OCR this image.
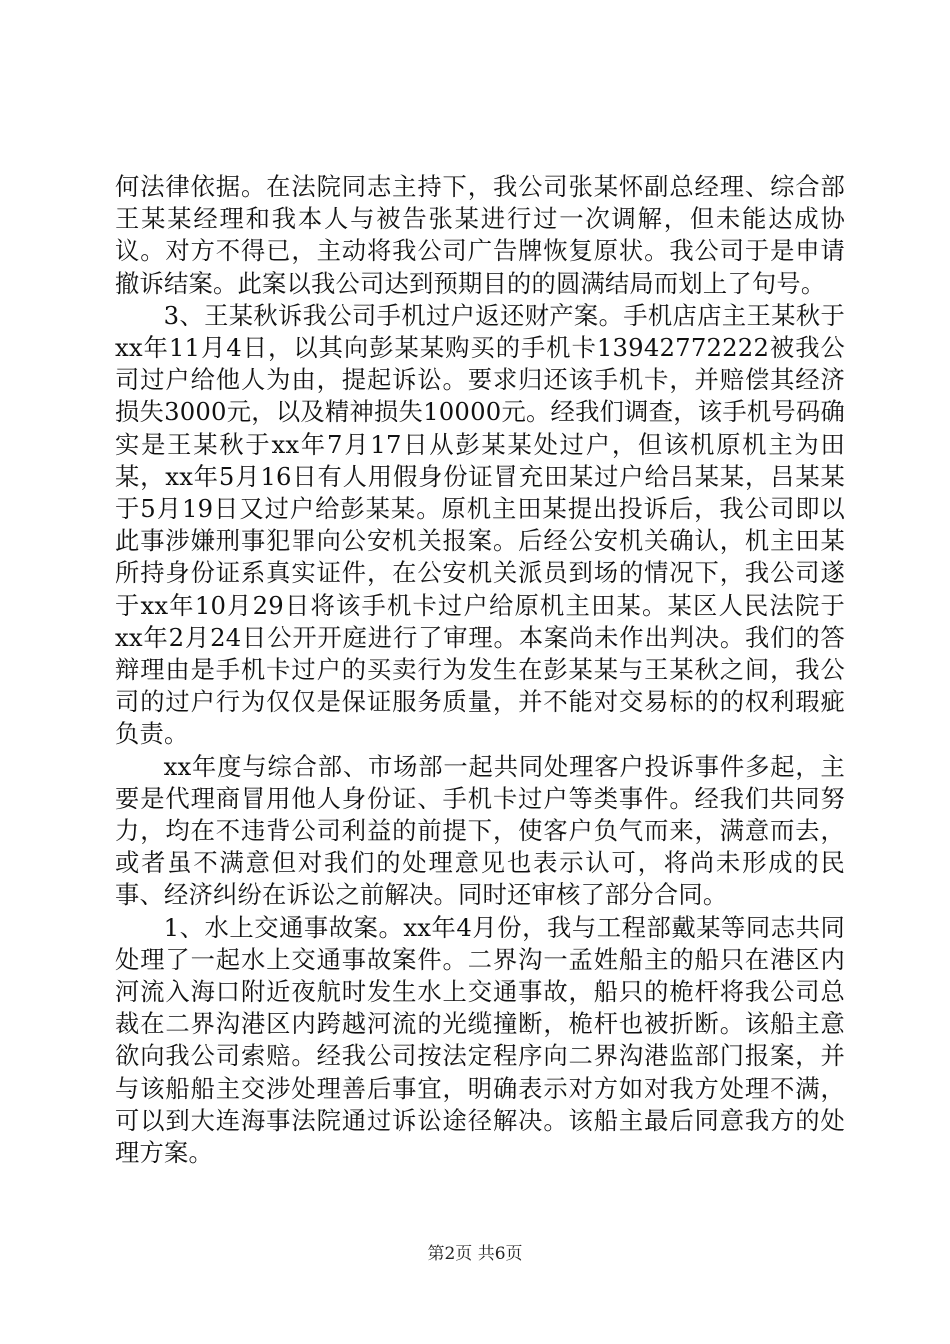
何法律依据。在法院同志主持下，我公司张某怀副总经理、综合部王某某经理和我本人与被告张某进行过一次调解，但未能达成协议。对方不得已，主动将我公司广告牌恢复原状。我公司于是申请撤诉结案。此案以我公司达到预期目的的圆满结局而划上了句号。

3、王某秋诉我公司手机过户返还财产案。手机店店主王某秋于xx年11月4日，以其向彭某某购买的手机卡13942772222被我公司过户给他人为由，提起诉讼。要求归还该手机卡，并赔偿其经济损失3000元，以及精神损失10000元。经我们调查，该手机号码确实是王某秋于xx年7月17日从彭某某处过户，但该机原机主为田某，xx年5月16日有人用假身份证冒充田某过户给吕某某，吕某某于5月19日又过户给彭某某。原机主田某提出投诉后，我公司即以此事涉嫌刑事犯罪向公安机关报案。后经公安机关确认，机主田某所持身份证系真实证件，在公安机关派员到场的情况下，我公司遂于xx年10月29日将该手机卡过户给原机主田某。某区人民法院于xx年2月24日公开开庭进行了审理。本案尚未作出判决。我们的答辩理由是手机卡过户的买卖行为发生在彭某某与王某秋之间，我公司的过户行为仅仅是保证服务质量，并不能对交易标的的权利瑕疵负责。

xx年度与综合部、市场部一起共同处理客户投诉事件多起，主要是代理商冒用他人身份证、手机卡过户等类事件。经我们共同努力，均在不违背公司利益的前提下，使客户负气而来，满意而去，或者虽不满意但对我们的处理意见也表示认可，将尚未形成的民事、经济纠纷在诉讼之前解决。同时还审核了部分合同。

1、水上交通事故案。xx年4月份，我与工程部戴某等同志共同处理了一起水上交通事故案件。二界沟一孟姓船主的船只在港区内河流入海口附近夜航时发生水上交通事故，船只的桅杆将我公司总裁在二界沟港区内跨越河流的光缆撞断，桅杆也被折断。该船主意欲向我公司索赔。经我公司按法定程序向二界沟港监部门报案，并与该船船主交涉处理善后事宜，明确表示对方如对我方处理不满，可以到大连海事法院通过诉讼途径解决。该船主最后同意我方的处理方案。

第2页 共6页
